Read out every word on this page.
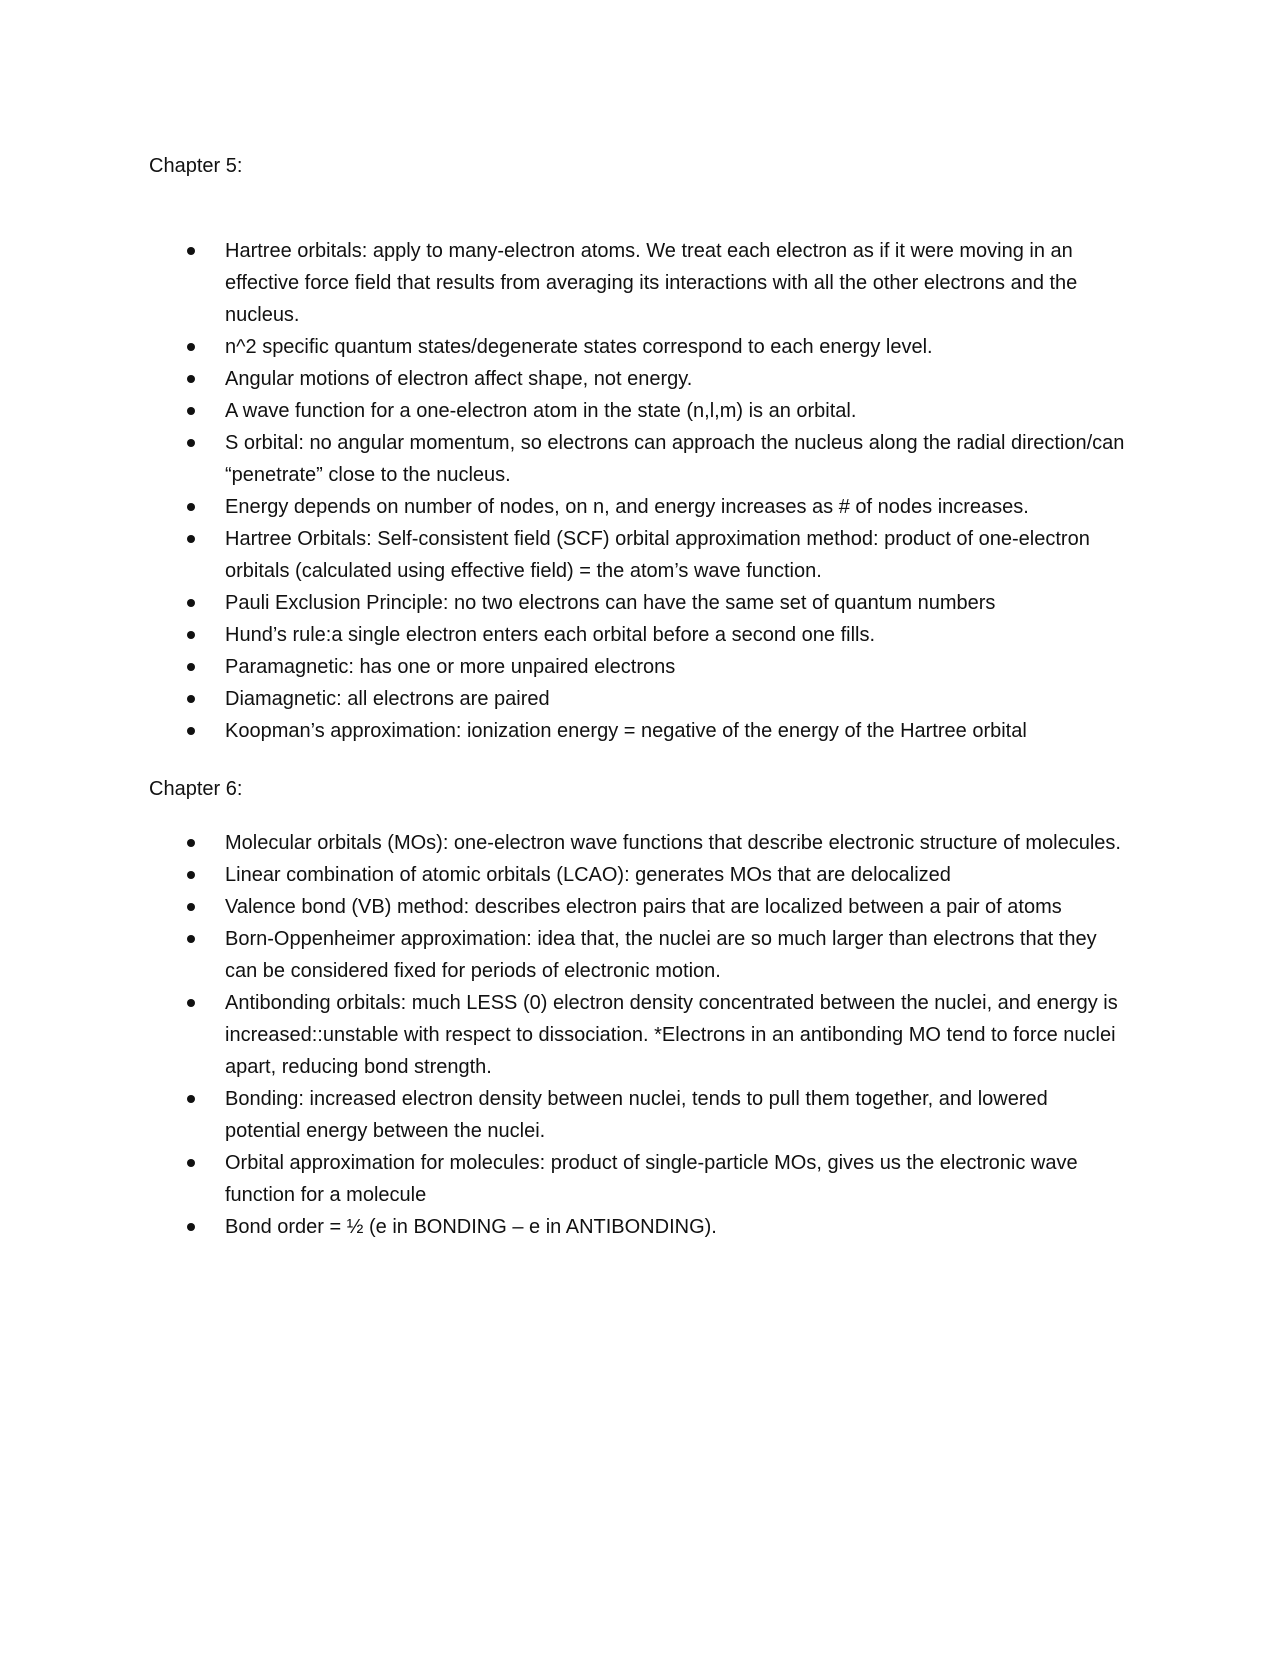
Chapter 5:
Hartree orbitals: apply to many-electron atoms. We treat each electron as if it were moving in an effective force field that results from averaging its interactions with all the other electrons and the nucleus.
n^2 specific quantum states/degenerate states correspond to each energy level.
Angular motions of electron affect shape, not energy.
A wave function for a one-electron atom in the state (n,l,m) is an orbital.
S orbital: no angular momentum, so electrons can approach the nucleus along the radial direction/can “penetrate” close to the nucleus.
Energy depends on number of nodes, on n, and energy increases as # of nodes increases.
Hartree Orbitals: Self-consistent field (SCF) orbital approximation method: product of one-electron orbitals (calculated using effective field) = the atom’s wave function.
Pauli Exclusion Principle: no two electrons can have the same set of quantum numbers
Hund’s rule:a single electron enters each orbital before a second one fills.
Paramagnetic: has one or more unpaired electrons
Diamagnetic: all electrons are paired
Koopman’s approximation: ionization energy = negative of the energy of the Hartree orbital
Chapter 6:
Molecular orbitals (MOs): one-electron wave functions that describe electronic structure of molecules.
Linear combination of atomic orbitals (LCAO): generates MOs that are delocalized
Valence bond (VB) method: describes electron pairs that are localized between a pair of atoms
Born-Oppenheimer approximation: idea that, the nuclei are so much larger than electrons that they can be considered fixed for periods of electronic motion.
Antibonding orbitals: much LESS (0) electron density concentrated between the nuclei, and energy is increased::unstable with respect to dissociation. *Electrons in an antibonding MO tend to force nuclei apart, reducing bond strength.
Bonding: increased electron density between nuclei, tends to pull them together, and lowered potential energy between the nuclei.
Orbital approximation for molecules: product of single-particle MOs, gives us the electronic wave function for a molecule
Bond order = ½ (e in BONDING – e in ANTIBONDING).
